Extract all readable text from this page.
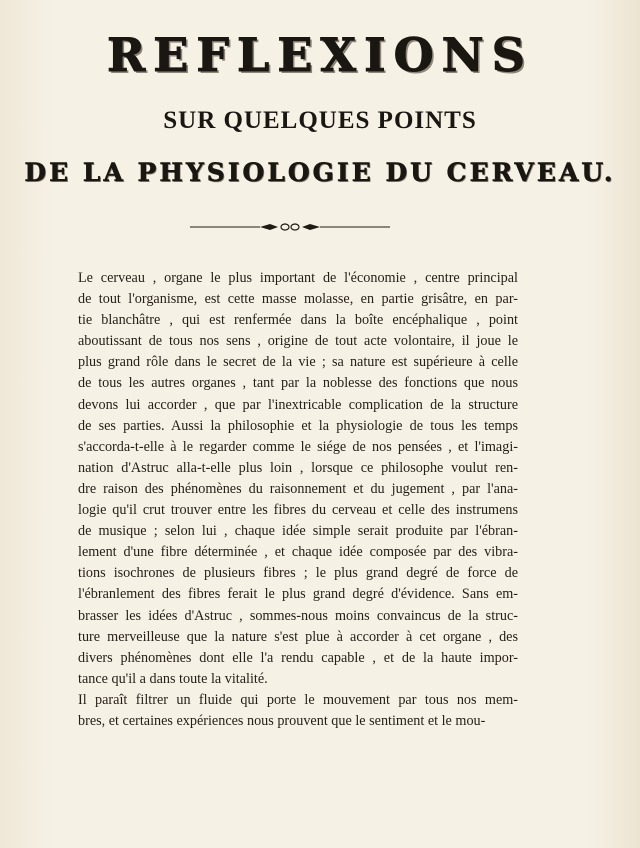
REFLEXIONS
SUR QUELQUES POINTS
DE LA PHYSIOLOGIE DU CERVEAU.

Le cerveau , organe le plus important de l'économie , centre principal
de tout l'organisme, est cette masse molasse, en partie grisâtre, en par-
tie blanchâtre , qui est renfermée dans la boîte encéphalique , point
aboutissant de tous nos sens , origine de tout acte volontaire, il joue le
plus grand rôle dans le secret de la vie ; sa nature est supérieure à celle
de tous les autres organes , tant par la noblesse des fonctions que nous
devons lui accorder , que par l'inextricable complication de la structure
de ses parties. Aussi la philosophie et la physiologie de tous les temps
s'accorda-t-elle à le regarder comme le siége de nos pensées , et l'imagi-
nation d'Astruc alla-t-elle plus loin , lorsque ce philosophe voulut ren-
dre raison des phénomènes du raisonnement et du jugement , par l'ana-
logie qu'il crut trouver entre les fibres du cerveau et celle des instrumens
de musique ; selon lui , chaque idée simple serait produite par l'ébran-
lement d'une fibre déterminée , et chaque idée composée par des vibra-
tions isochrones de plusieurs fibres ; le plus grand degré de force de
l'ébranlement des fibres ferait le plus grand degré d'évidence. Sans em-
brasser les idées d'Astruc , sommes-nous moins convaincus de la struc-
ture merveilleuse que la nature s'est plue à accorder à cet organe , des
divers phénomènes dont elle l'a rendu capable , et de la haute impor-
tance qu'il a dans toute la vitalité.

Il paraît filtrer un fluide qui porte le mouvement par tous nos mem-
bres, et certaines expériences nous prouvent que le sentiment et le mou-
